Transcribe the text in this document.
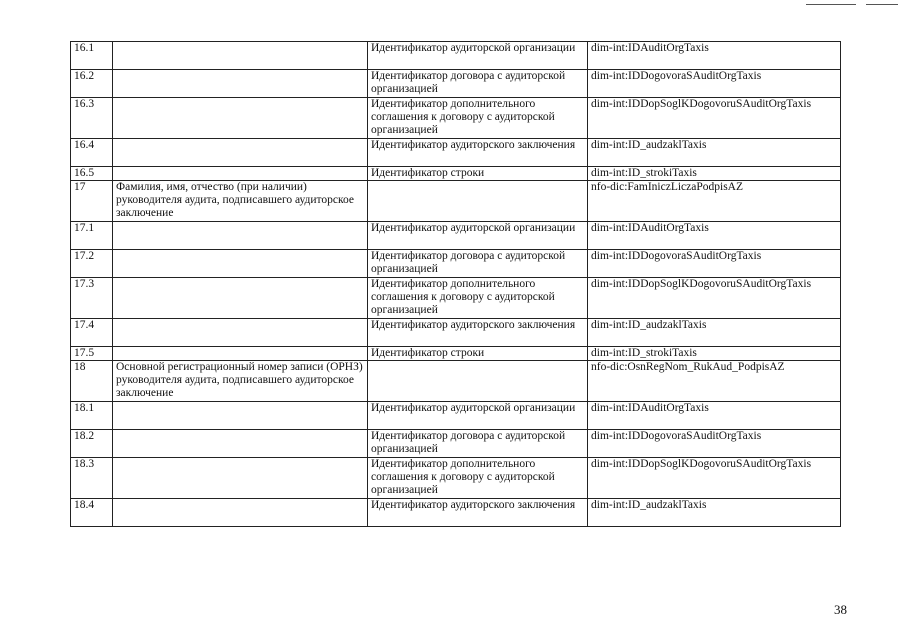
16.1		Идентификатор аудиторской организации	dim-int:IDAuditOrgTaxis
16.2		Идентификатор договора с аудиторской организацией	dim-int:IDDogovoraSAuditOrgTaxis
16.3		Идентификатор дополнительного соглашения к договору с аудиторской организацией	dim-int:IDDopSoglKDogovoruSAuditOrgTaxis
16.4		Идентификатор аудиторского заключения	dim-int:ID_audzaklTaxis
16.5		Идентификатор строки	dim-int:ID_strokiTaxis
17	Фамилия, имя, отчество (при наличии) руководителя аудита, подписавшего аудиторское заключение		nfo-dic:FamIniczLiczaPodpisAZ
17.1		Идентификатор аудиторской организации	dim-int:IDAuditOrgTaxis
17.2		Идентификатор договора с аудиторской организацией	dim-int:IDDogovoraSAuditOrgTaxis
17.3		Идентификатор дополнительного соглашения к договору с аудиторской организацией	dim-int:IDDopSoglKDogovoruSAuditOrgTaxis
17.4		Идентификатор аудиторского заключения	dim-int:ID_audzaklTaxis
17.5		Идентификатор строки	dim-int:ID_strokiTaxis
18	Основной регистрационный номер записи (ОРНЗ) руководителя аудита, подписавшего аудиторское заключение		nfo-dic:OsnRegNom_RukAud_PodpisAZ
18.1		Идентификатор аудиторской организации	dim-int:IDAuditOrgTaxis
18.2		Идентификатор договора с аудиторской организацией	dim-int:IDDogovoraSAuditOrgTaxis
18.3		Идентификатор дополнительного соглашения к договору с аудиторской организацией	dim-int:IDDopSoglKDogovoruSAuditOrgTaxis
18.4		Идентификатор аудиторского заключения	dim-int:ID_audzaklTaxis
38
